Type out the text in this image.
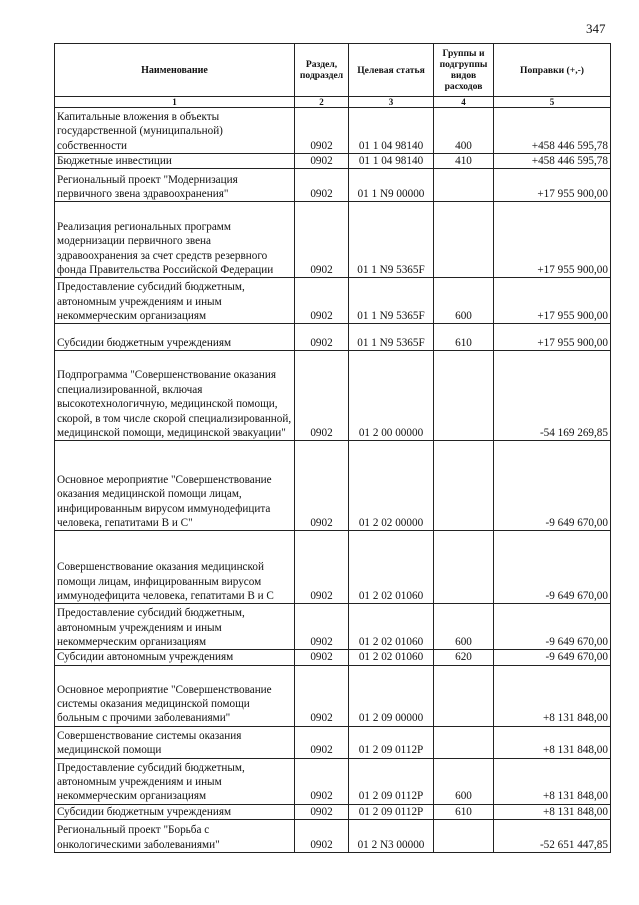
347
Наименование	Раздел, подраздел	Целевая статья	Группы и подгруппы видов расходов	Поправки (+,-)
1	2	3	4	5
Капитальные вложения в объекты государственной (муниципальной) собственности	0902	01 1 04 98140	400	+458 446 595,78
Бюджетные инвестиции	0902	01 1 04 98140	410	+458 446 595,78
Региональный проект "Модернизация первичного звена здравоохранения"	0902	01 1 N9 00000		+17 955 900,00
Реализация региональных программ модернизации первичного звена здравоохранения за счет средств резервного фонда Правительства Российской Федерации	0902	01 1 N9 5365F		+17 955 900,00
Предоставление субсидий бюджетным, автономным учреждениям и иным некоммерческим организациям	0902	01 1 N9 5365F	600	+17 955 900,00
Субсидии бюджетным учреждениям	0902	01 1 N9 5365F	610	+17 955 900,00
Подпрограмма "Совершенствование оказания специализированной, включая высокотехнологичную, медицинской помощи, скорой, в том числе скорой специализированной, медицинской помощи, медицинской эвакуации"	0902	01 2 00 00000		-54 169 269,85
Основное мероприятие "Совершенствование оказания медицинской помощи лицам, инфицированным вирусом иммунодефицита человека, гепатитами В и С"	0902	01 2 02 00000		-9 649 670,00
Совершенствование оказания медицинской помощи лицам, инфицированным вирусом иммунодефицита человека, гепатитами В и С	0902	01 2 02 01060		-9 649 670,00
Предоставление субсидий бюджетным, автономным учреждениям и иным некоммерческим организациям	0902	01 2 02 01060	600	-9 649 670,00
Субсидии автономным учреждениям	0902	01 2 02 01060	620	-9 649 670,00
Основное мероприятие "Совершенствование системы оказания медицинской помощи больным с прочими заболеваниями"	0902	01 2 09 00000		+8 131 848,00
Совершенствование системы оказания медицинской помощи	0902	01 2 09 0112Р		+8 131 848,00
Предоставление субсидий бюджетным, автономным учреждениям и иным некоммерческим организациям	0902	01 2 09 0112Р	600	+8 131 848,00
Субсидии бюджетным учреждениям	0902	01 2 09 0112Р	610	+8 131 848,00
Региональный проект "Борьба с онкологическими заболеваниями"	0902	01 2 N3 00000		-52 651 447,85
